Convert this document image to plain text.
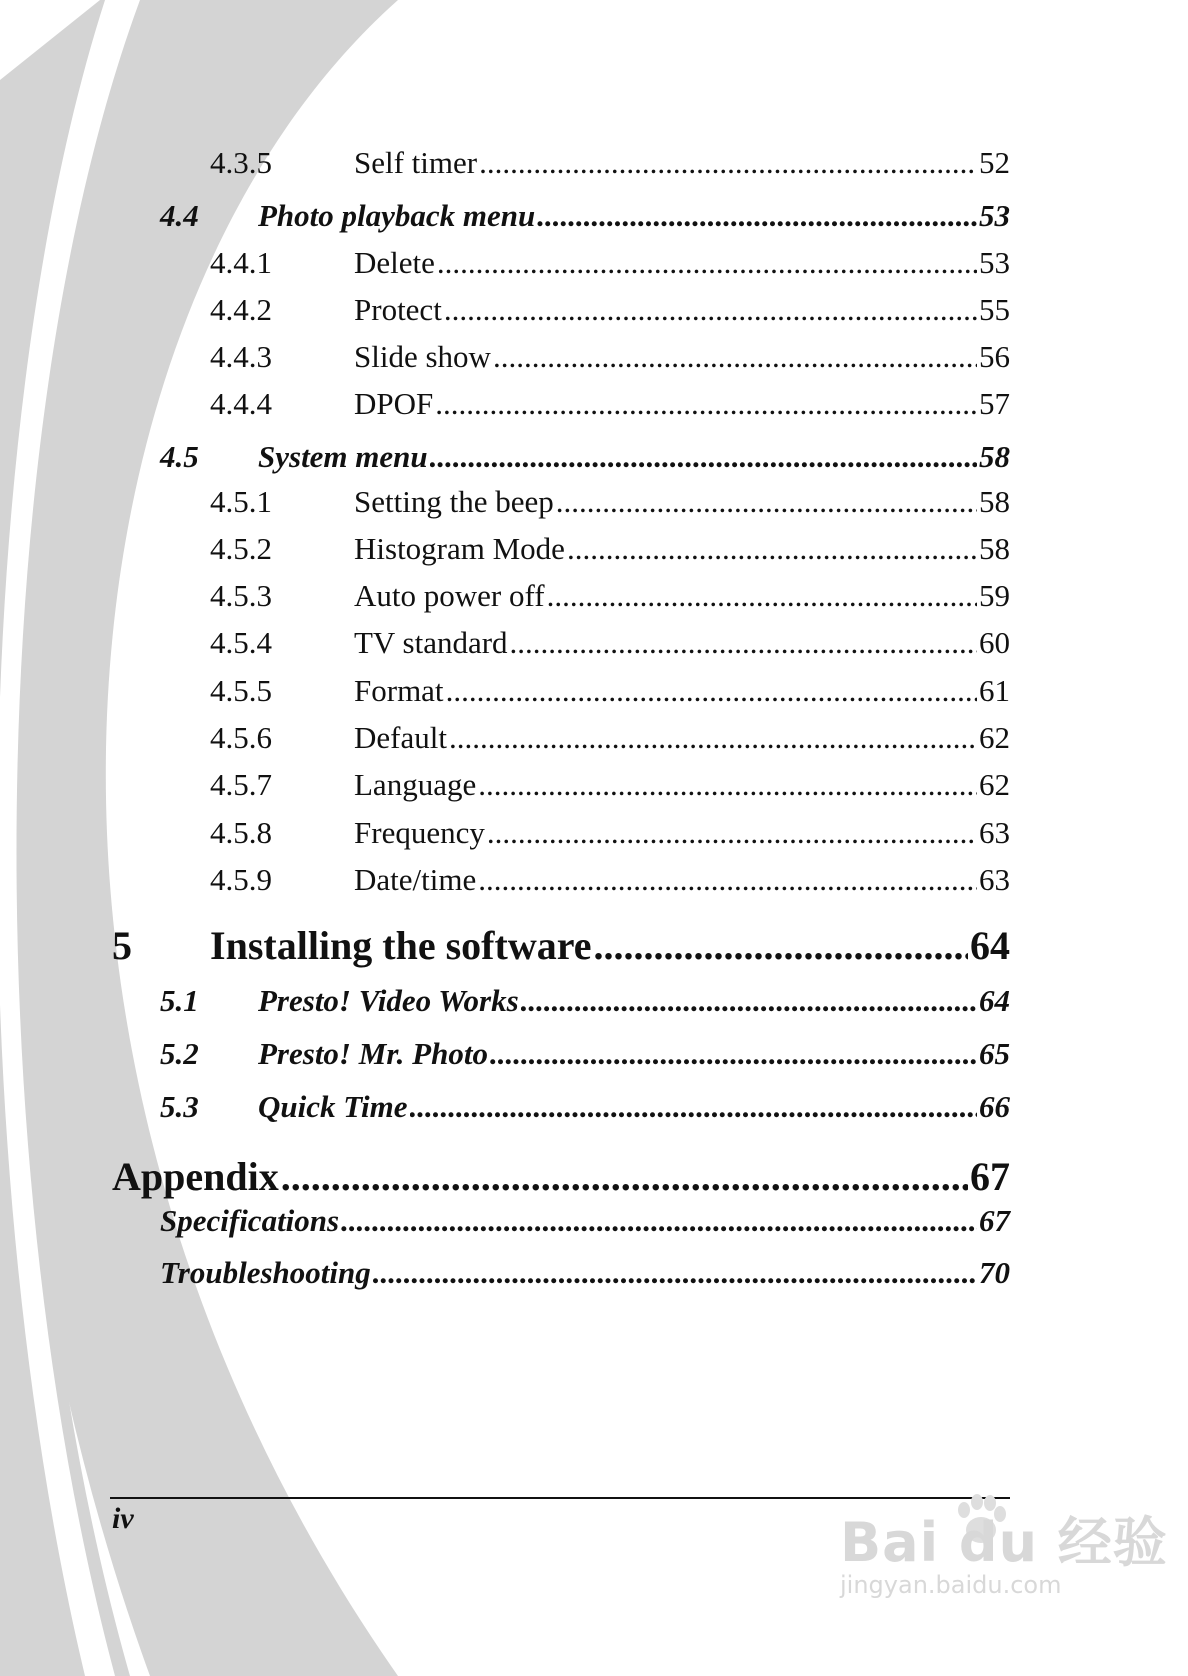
4.3.5	Self timer .....	52
4.4	Photo playback menu .....	53
4.4.1	Delete .....	53
4.4.2	Protect .....	55
4.4.3	Slide show .....	56
4.4.4	DPOF .....	57
4.5	System menu .....	58
4.5.1	Setting the beep .....	58
4.5.2	Histogram Mode .....	58
4.5.3	Auto power off .....	59
4.5.4	TV standard .....	60
4.5.5	Format .....	61
4.5.6	Default .....	62
4.5.7	Language .....	62
4.5.8	Frequency .....	63
4.5.9	Date/time .....	63
5	Installing the software .....	64
5.1	Presto! Video Works .....	64
5.2	Presto! Mr. Photo .....	65
5.3	Quick Time .....	66
Appendix .....	67
Specifications .....	67
Troubleshooting .....	70
iv	Bai du 经验
jingyan.baidu.com
